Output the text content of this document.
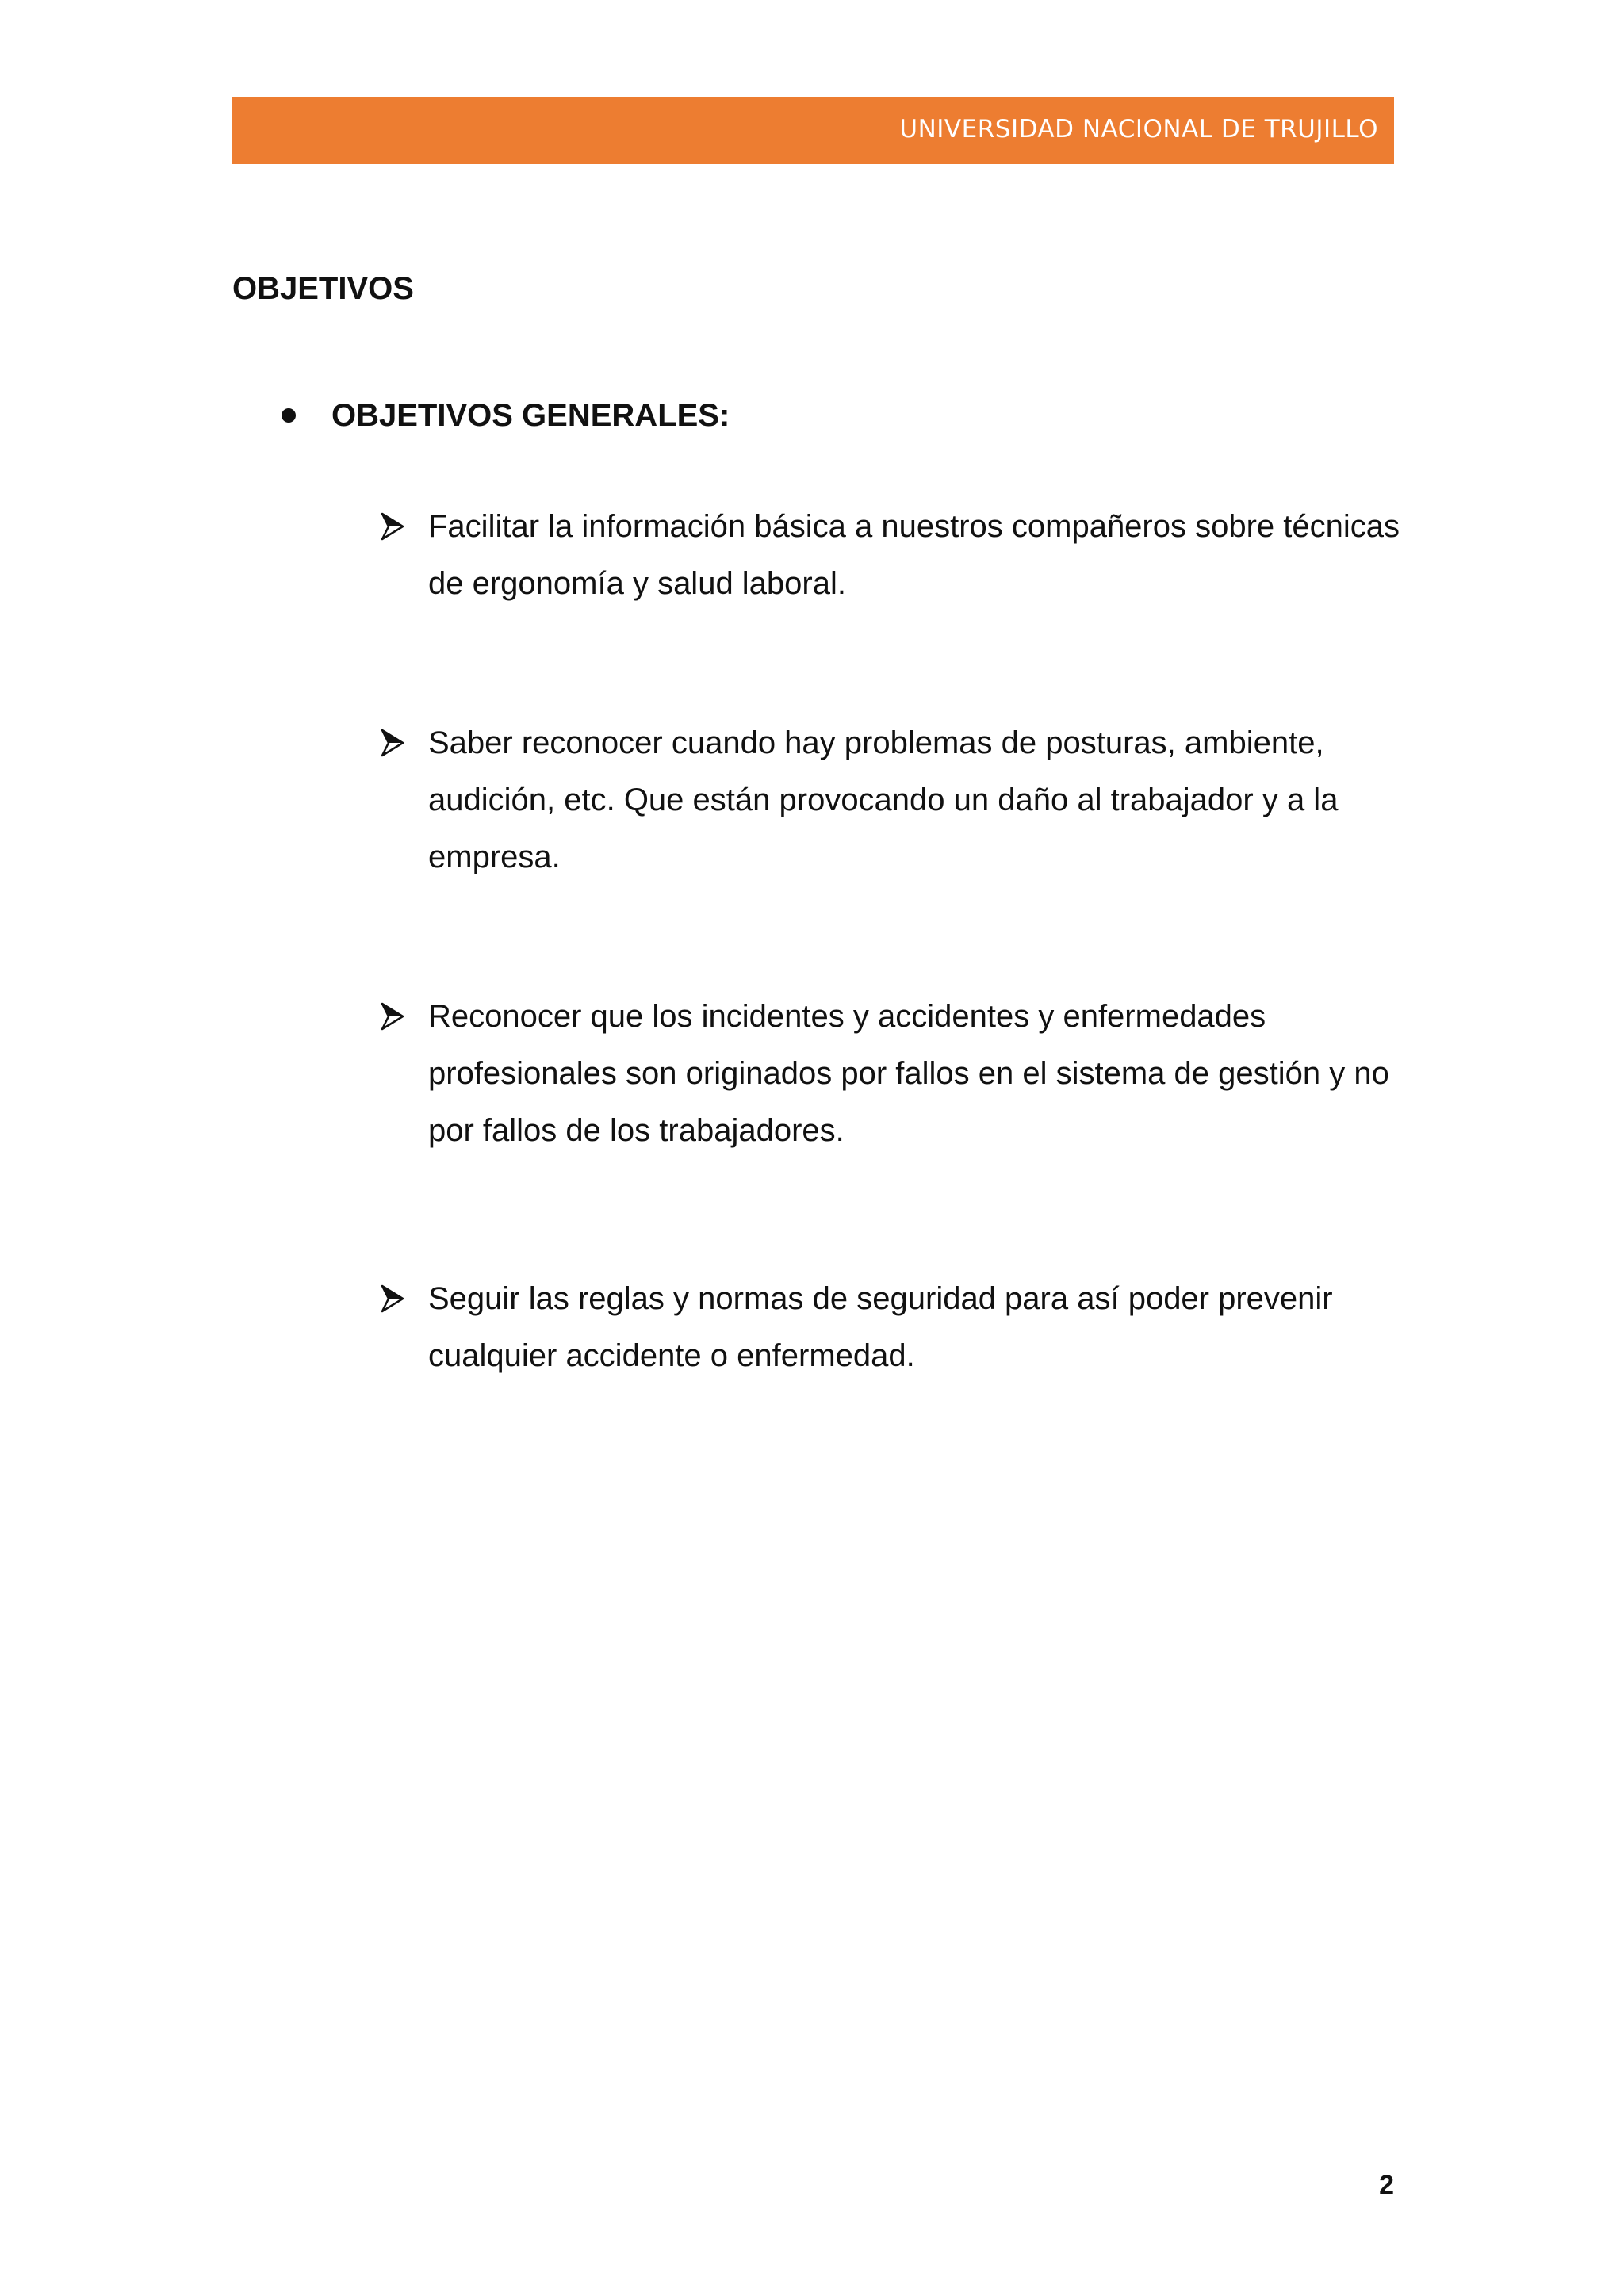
UNIVERSIDAD NACIONAL DE TRUJILLO
OBJETIVOS
OBJETIVOS GENERALES:
Facilitar la información básica a nuestros compañeros sobre técnicas de ergonomía y salud laboral.
Saber reconocer cuando hay problemas de posturas, ambiente, audición, etc. Que están provocando un daño al trabajador y a la empresa.
Reconocer que los incidentes y accidentes y enfermedades profesionales son originados por fallos en el sistema de gestión y no por fallos de los trabajadores.
Seguir las reglas y normas de seguridad para así poder prevenir cualquier accidente o enfermedad.
2
